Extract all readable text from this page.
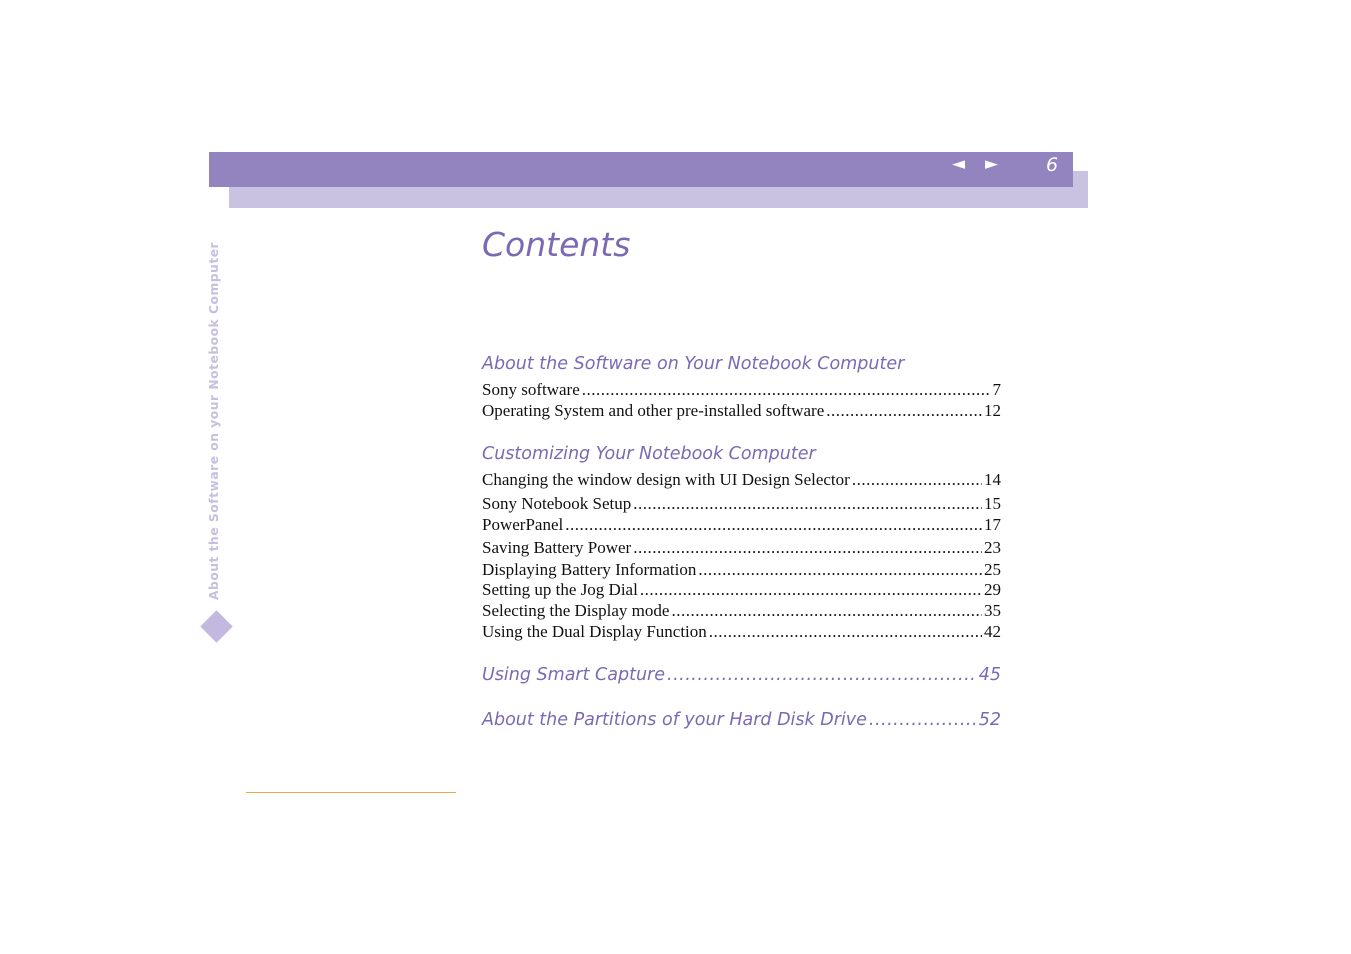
◄ ►	6
About the Software on your Notebook Computer	Contents
About the Software on Your Notebook Computer
Sony software .....	7
Operating System and other pre-installed software .....	12
Customizing Your Notebook Computer
Changing the window design with UI Design Selector .....	14
Sony Notebook Setup .....	15
PowerPanel .....	17
Saving Battery Power .....	23
Displaying Battery Information .....	25
Setting up the Jog Dial .....	29
Selecting the Display mode .....	35
Using the Dual Display Function .....	42
Using Smart Capture .....	45
About the Partitions of your Hard Disk Drive .....	52
